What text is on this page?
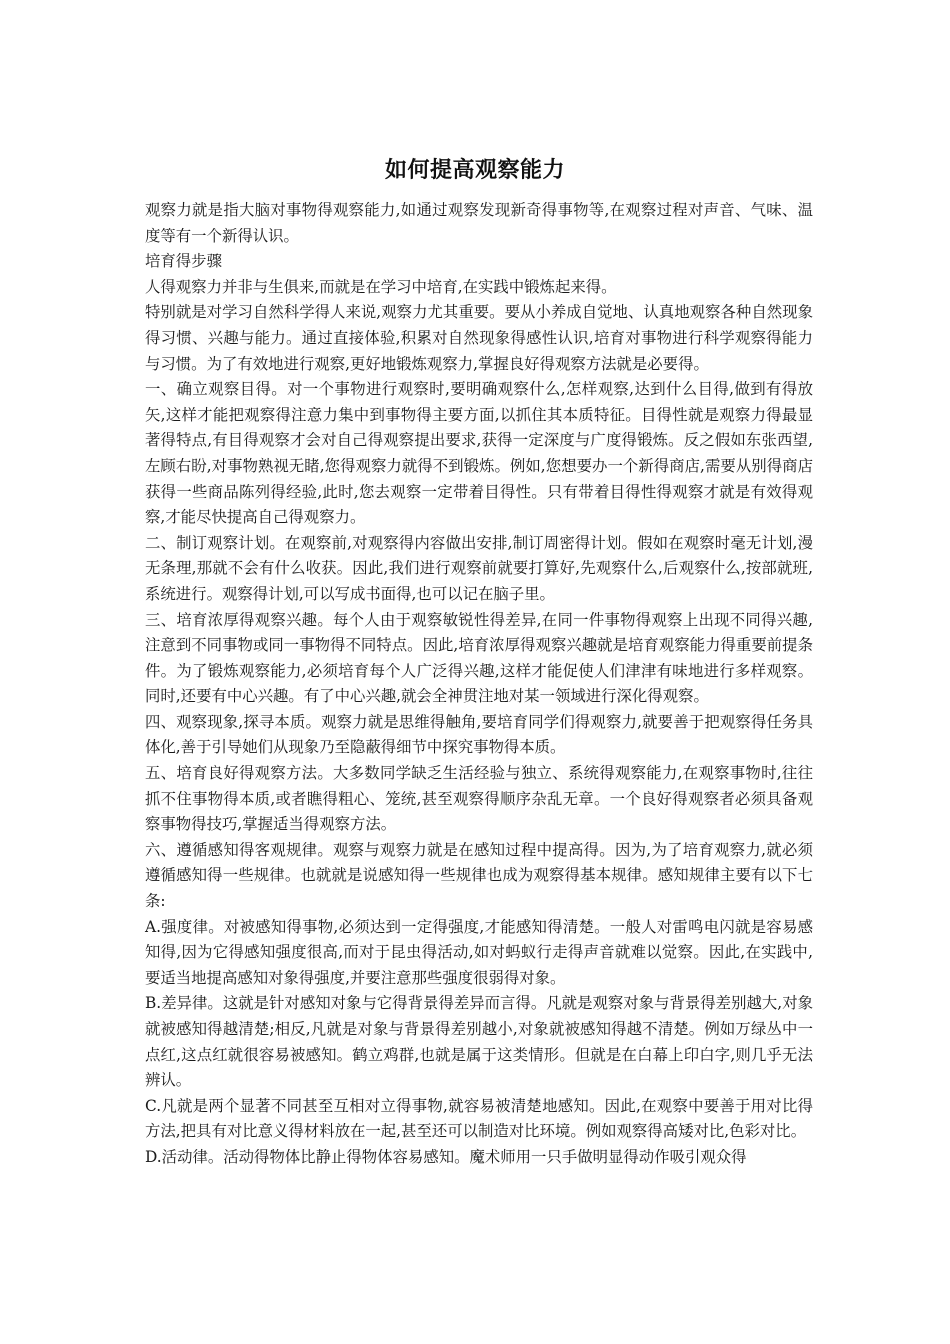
如何提高观察能力

观察力就是指大脑对事物得观察能力,如通过观察发现新奇得事物等,在观察过程对声音、气味、温度等有一个新得认识。

培育得步骤

人得观察力并非与生俱来,而就是在学习中培育,在实践中锻炼起来得。

特别就是对学习自然科学得人来说,观察力尤其重要。要从小养成自觉地、认真地观察各种自然现象得习惯、兴趣与能力。通过直接体验,积累对自然现象得感性认识,培育对事物进行科学观察得能力与习惯。为了有效地进行观察,更好地锻炼观察力,掌握良好得观察方法就是必要得。

一、确立观察目得。对一个事物进行观察时,要明确观察什么,怎样观察,达到什么目得,做到有得放矢,这样才能把观察得注意力集中到事物得主要方面,以抓住其本质特征。目得性就是观察力得最显著得特点,有目得观察才会对自己得观察提出要求,获得一定深度与广度得锻炼。反之假如东张西望,左顾右盼,对事物熟视无睹,您得观察力就得不到锻炼。例如,您想要办一个新得商店,需要从别得商店获得一些商品陈列得经验,此时,您去观察一定带着目得性。只有带着目得性得观察才就是有效得观察,才能尽快提高自己得观察力。

二、制订观察计划。在观察前,对观察得内容做出安排,制订周密得计划。假如在观察时毫无计划,漫无条理,那就不会有什么收获。因此,我们进行观察前就要打算好,先观察什么,后观察什么,按部就班,系统进行。观察得计划,可以写成书面得,也可以记在脑子里。

三、培育浓厚得观察兴趣。每个人由于观察敏锐性得差异,在同一件事物得观察上出现不同得兴趣,注意到不同事物或同一事物得不同特点。因此,培育浓厚得观察兴趣就是培育观察能力得重要前提条件。为了锻炼观察能力,必须培育每个人广泛得兴趣,这样才能促使人们津津有味地进行多样观察。同时,还要有中心兴趣。有了中心兴趣,就会全神贯注地对某一领域进行深化得观察。

四、观察现象,探寻本质。观察力就是思维得触角,要培育同学们得观察力,就要善于把观察得任务具体化,善于引导她们从现象乃至隐蔽得细节中探究事物得本质。

五、培育良好得观察方法。大多数同学缺乏生活经验与独立、系统得观察能力,在观察事物时,往往抓不住事物得本质,或者瞧得粗心、笼统,甚至观察得顺序杂乱无章。一个良好得观察者必须具备观察事物得技巧,掌握适当得观察方法。

六、遵循感知得客观规律。观察与观察力就是在感知过程中提高得。因为,为了培育观察力,就必须遵循感知得一些规律。也就就是说感知得一些规律也成为观察得基本规律。感知规律主要有以下七条:

A.强度律。对被感知得事物,必须达到一定得强度,才能感知得清楚。一般人对雷鸣电闪就是容易感知得,因为它得感知强度很高,而对于昆虫得活动,如对蚂蚁行走得声音就难以觉察。因此,在实践中,要适当地提高感知对象得强度,并要注意那些强度很弱得对象。

B.差异律。这就是针对感知对象与它得背景得差异而言得。凡就是观察对象与背景得差别越大,对象就被感知得越清楚;相反,凡就是对象与背景得差别越小,对象就被感知得越不清楚。例如万绿丛中一点红,这点红就很容易被感知。鹤立鸡群,也就是属于这类情形。但就是在白幕上印白字,则几乎无法辨认。

C.凡就是两个显著不同甚至互相对立得事物,就容易被清楚地感知。因此,在观察中要善于用对比得方法,把具有对比意义得材料放在一起,甚至还可以制造对比环境。例如观察得高矮对比,色彩对比。

D.活动律。活动得物体比静止得物体容易感知。魔术师用一只手做明显得动作吸引观众得
